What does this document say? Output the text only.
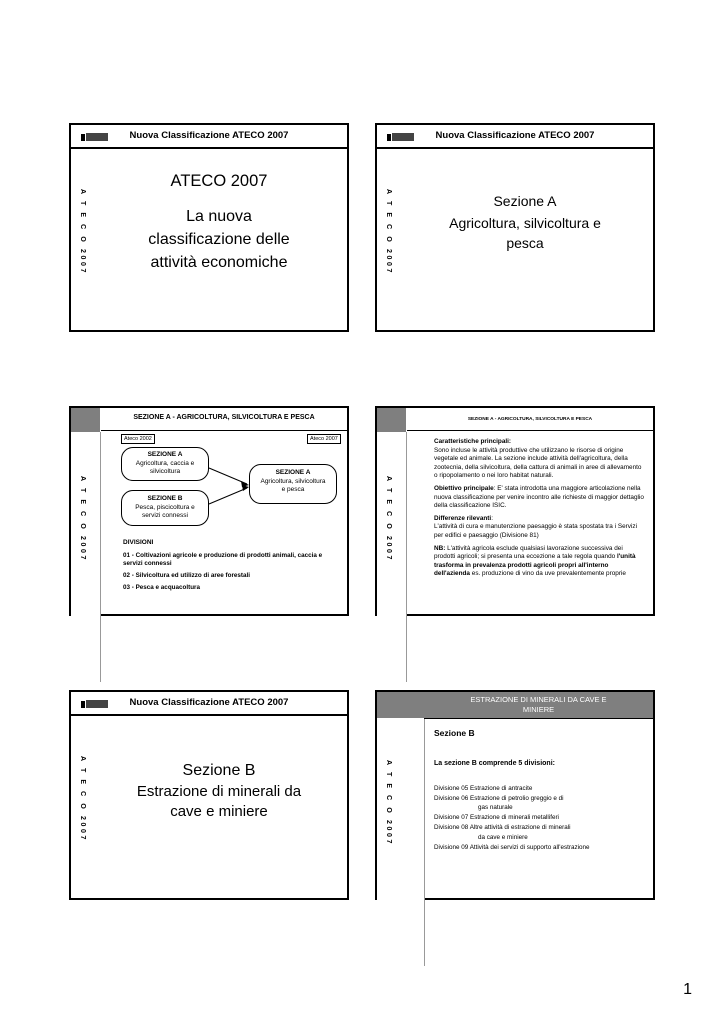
Nuova Classificazione ATECO 2007
A T E C O 2007
ATECO 2007
La nuova
classificazione delle
attività economiche
Nuova Classificazione ATECO 2007
A T E C O 2007	Sezione A
Agricoltura, silvicoltura e
pesca
SEZIONE A - AGRICOLTURA, SILVICOLTURA E PESCA
A T E C O 2007
Ateco 2002	Ateco 2007
SEZIONE A
Agricoltura, caccia e silvicoltura
SEZIONE B
Pesca, piscicoltura e servizi connessi
SEZIONE A
Agricoltura, silvicoltura e pesca
DIVISIONI
01 - Coltivazioni agricole e produzione di prodotti animali, caccia e servizi connessi
02 - Silvicoltura ed utilizzo di aree forestali
03 - Pesca e acquacoltura
SEZIONE A - AGRICOLTURA, SILVICOLTURA E PESCA
A T E C O 2007
Caratteristiche principali:
Sono incluse le attività produttive che utilizzano le risorse di origine vegetale ed animale. La sezione include attività dell'agricoltura, della zootecnia, della silvicoltura, della cattura di animali in aree di allevamento o ripopolamento o nei loro habitat naturali.
Obiettivo principale: E' stata introdotta una maggiore articolazione nella nuova classificazione per venire incontro alle richieste di maggior dettaglio della classificazione ISIC.
Differenze rilevanti:
L'attività di cura e manutenzione paesaggio è stata spostata tra i Servizi per edifici e paesaggio (Divisione 81)
NB: L'attività agricola esclude qualsiasi lavorazione successiva dei prodotti agricoli; si presenta una eccezione a tale regola quando l'unità trasforma in prevalenza prodotti agricoli propri all'interno dell'azienda es. produzione di vino da uve prevalentemente proprie
Nuova Classificazione ATECO 2007
A T E C O 2007	Sezione B
Estrazione di minerali da
cave e miniere
ESTRAZIONE DI MINERALI DA CAVE E
MINIERE
A T E C O 2007
Sezione B
La sezione B comprende 5 divisioni:
Divisione 05 Estrazione di antracite
Divisione 06 Estrazione di petrolio greggio e di
gas naturale
Divisione 07 Estrazione di minerali metalliferi
Divisione 08 Altre attività di estrazione di minerali
da cave e miniere
Divisione 09 Attività dei servizi di supporto all'estrazione
1
